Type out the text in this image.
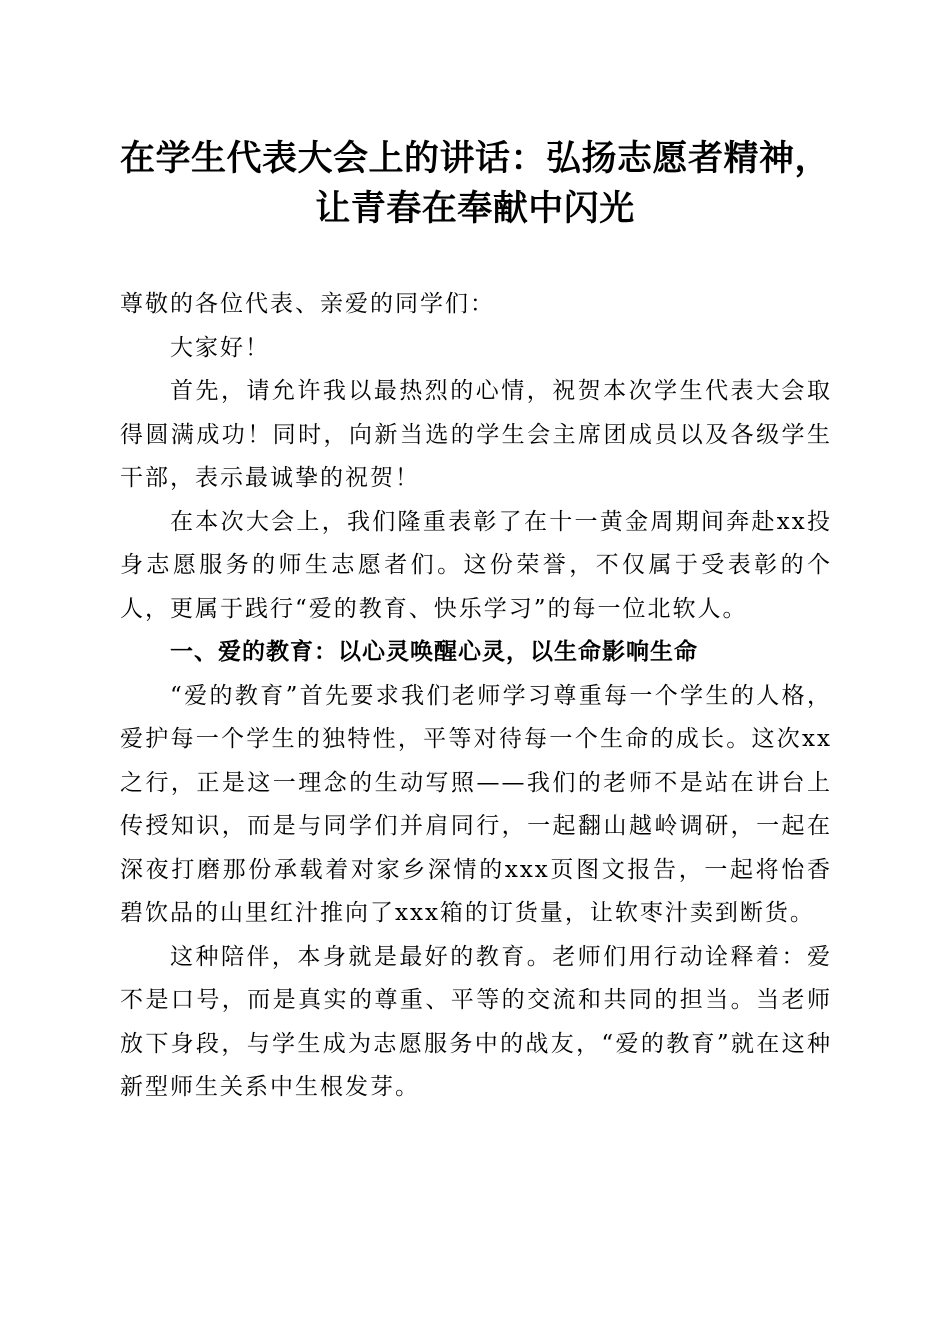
在学生代表大会上的讲话：弘扬志愿者精神，
让青春在奉献中闪光

尊敬的各位代表、亲爱的同学们：

大家好！

首先，请允许我以最热烈的心情，祝贺本次学生代表大会取得圆满成功！同时，向新当选的学生会主席团成员以及各级学生干部，表示最诚挚的祝贺！

在本次大会上，我们隆重表彰了在十一黄金周期间奔赴xx投身志愿服务的师生志愿者们。这份荣誉，不仅属于受表彰的个人，更属于践行“爱的教育、快乐学习”的每一位北软人。

一、爱的教育：以心灵唤醒心灵，以生命影响生命

“爱的教育”首先要求我们老师学习尊重每一个学生的人格，爱护每一个学生的独特性，平等对待每一个生命的成长。这次xx之行，正是这一理念的生动写照——我们的老师不是站在讲台上传授知识，而是与同学们并肩同行，一起翻山越岭调研，一起在深夜打磨那份承载着对家乡深情的xxx页图文报告，一起将怡香碧饮品的山里红汁推向了xxx箱的订货量，让软枣汁卖到断货。

这种陪伴，本身就是最好的教育。老师们用行动诠释着：爱不是口号，而是真实的尊重、平等的交流和共同的担当。当老师放下身段，与学生成为志愿服务中的战友，“爱的教育”就在这种新型师生关系中生根发芽。
